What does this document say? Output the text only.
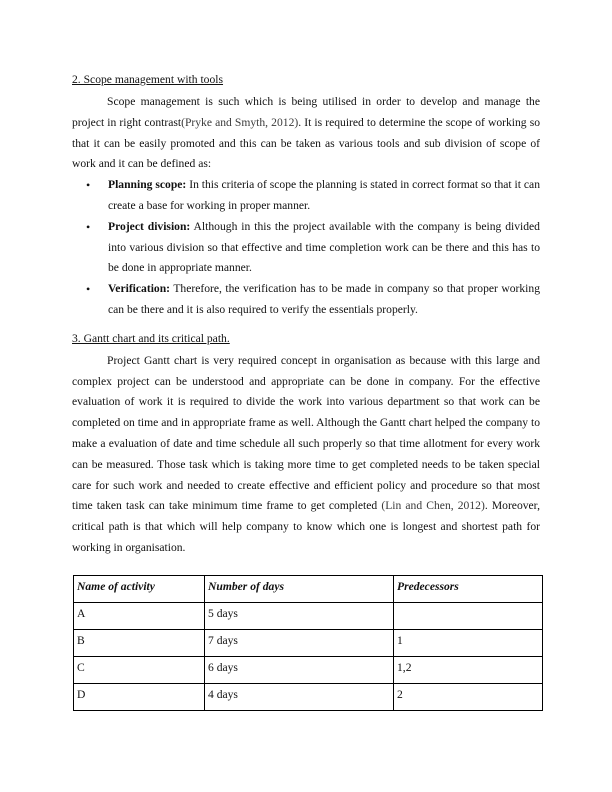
2. Scope management with tools

Scope management is such which is being utilised in order to develop and manage the project in right contrast(Pryke and Smyth, 2012). It is required to determine the scope of working so that it can be easily promoted and this can be taken as various tools and sub division of scope of work and it can be defined as:

• Planning scope: In this criteria of scope the planning is stated in correct format so that it can create a base for working in proper manner.
• Project division: Although in this the project available with the company is being divided into various division so that effective and time completion work can be there and this has to be done in appropriate manner.
• Verification: Therefore, the verification has to be made in company so that proper working can be there and it is also required to verify the essentials properly.
3. Gantt chart and its critical path.

Project Gantt chart is very required concept in organisation as because with this large and complex project can be understood and appropriate can be done in company. For the effective evaluation of work it is required to divide the work into various department so that work can be completed on time and in appropriate frame as well. Although the Gantt chart helped the company to make a evaluation of date and time schedule all such properly so that time allotment for every work can be measured. Those task which is taking more time to get completed needs to be taken special care for such work and needed to create effective and efficient policy and procedure so that most time taken task can take minimum time frame to get completed (Lin and Chen, 2012). Moreover, critical path is that which will help company to know which one is longest and shortest path for working in organisation.

Name of activity	Number of days	Predecessors
A	5 days	
B	7 days	1
C	6 days	1,2
D	4 days	2
